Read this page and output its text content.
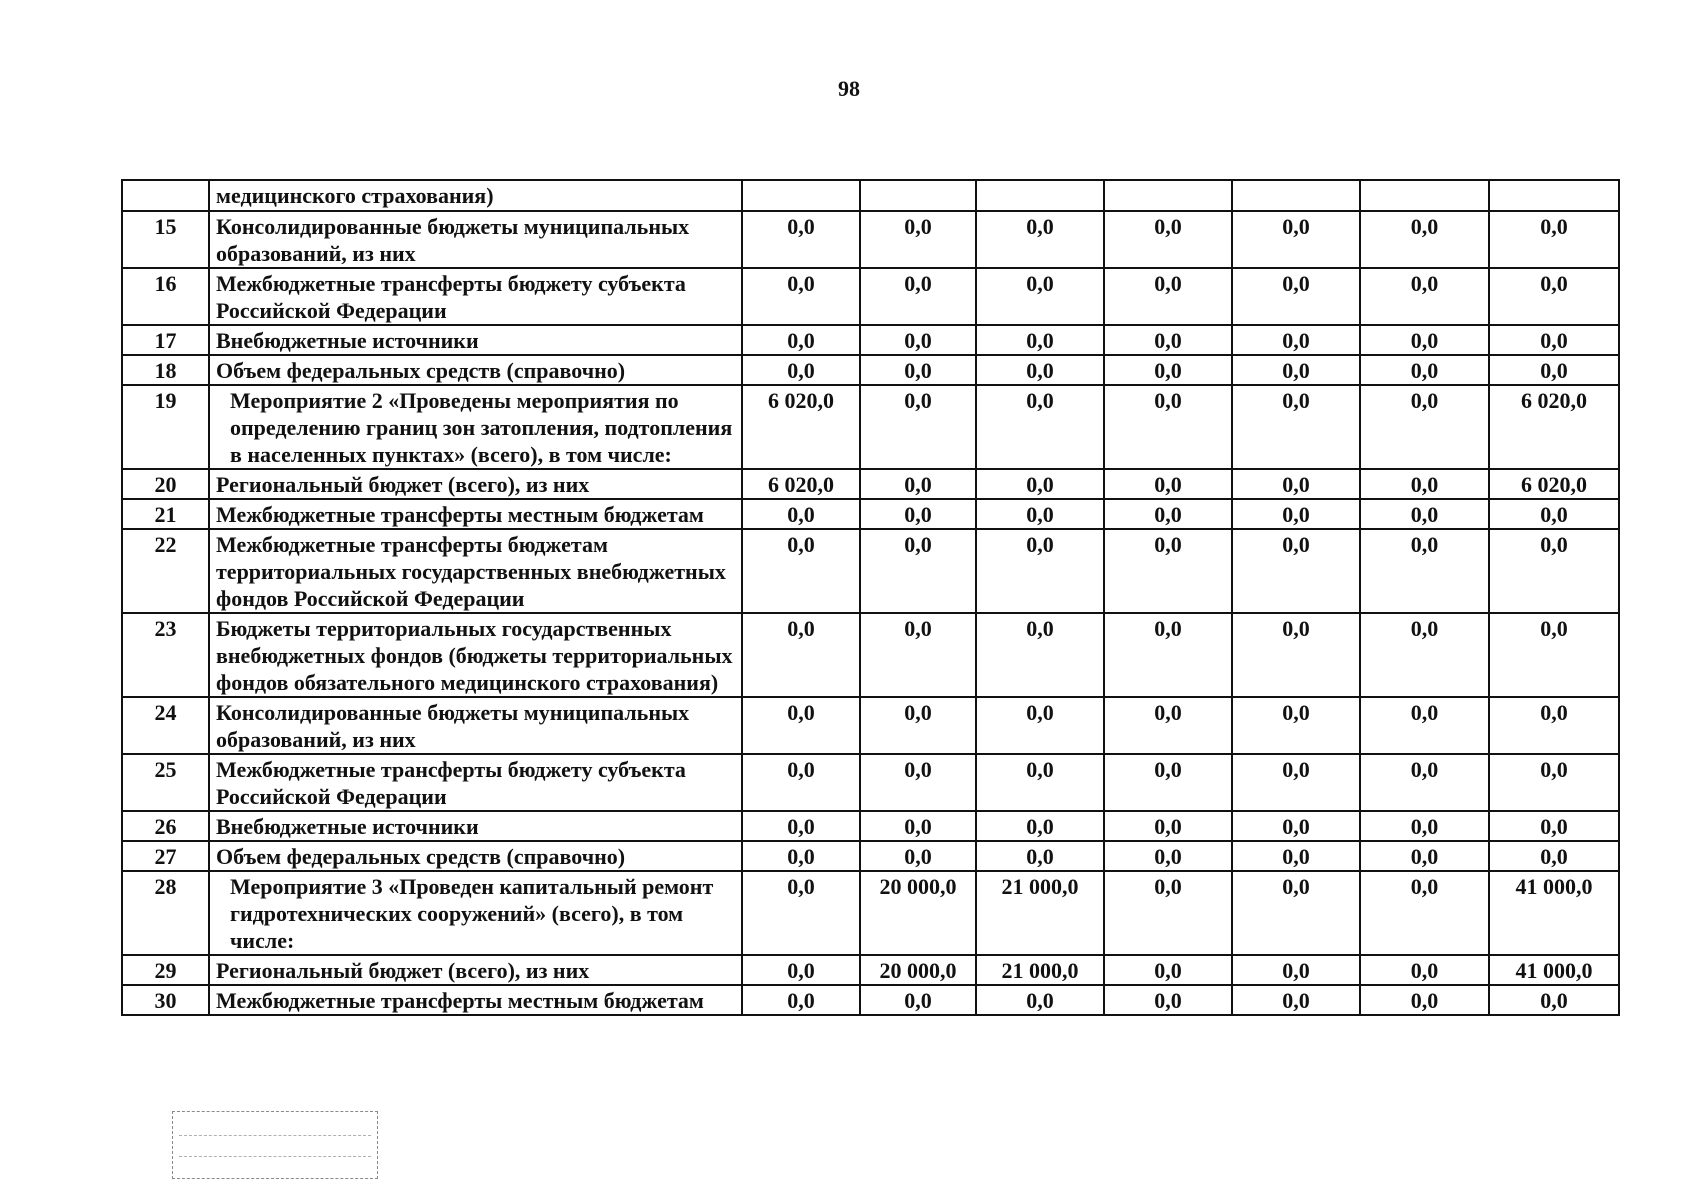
98
	медицинского страхования)							
15	Консолидированные бюджеты муниципальных образований, из них	0,0	0,0	0,0	0,0	0,0	0,0	0,0
16	Межбюджетные трансферты бюджету субъекта Российской Федерации	0,0	0,0	0,0	0,0	0,0	0,0	0,0
17	Внебюджетные источники	0,0	0,0	0,0	0,0	0,0	0,0	0,0
18	Объем федеральных средств (справочно)	0,0	0,0	0,0	0,0	0,0	0,0	0,0
19	Мероприятие 2 «Проведены мероприятия по определению границ зон затопления, подтопления в населенных пунктах» (всего), в том числе:	6 020,0	0,0	0,0	0,0	0,0	0,0	6 020,0
20	Региональный бюджет (всего), из них	6 020,0	0,0	0,0	0,0	0,0	0,0	6 020,0
21	Межбюджетные трансферты местным бюджетам	0,0	0,0	0,0	0,0	0,0	0,0	0,0
22	Межбюджетные трансферты бюджетам территориальных государственных внебюджетных фондов Российской Федерации	0,0	0,0	0,0	0,0	0,0	0,0	0,0
23	Бюджеты территориальных государственных внебюджетных фондов (бюджеты территориальных фондов обязательного медицинского страхования)	0,0	0,0	0,0	0,0	0,0	0,0	0,0
24	Консолидированные бюджеты муниципальных образований, из них	0,0	0,0	0,0	0,0	0,0	0,0	0,0
25	Межбюджетные трансферты бюджету субъекта Российской Федерации	0,0	0,0	0,0	0,0	0,0	0,0	0,0
26	Внебюджетные источники	0,0	0,0	0,0	0,0	0,0	0,0	0,0
27	Объем федеральных средств (справочно)	0,0	0,0	0,0	0,0	0,0	0,0	0,0
28	Мероприятие 3 «Проведен капитальный ремонт гидротехнических сооружений» (всего), в том числе:	0,0	20 000,0	21 000,0	0,0	0,0	0,0	41 000,0
29	Региональный бюджет (всего), из них	0,0	20 000,0	21 000,0	0,0	0,0	0,0	41 000,0
30	Межбюджетные трансферты местным бюджетам	0,0	0,0	0,0	0,0	0,0	0,0	0,0
